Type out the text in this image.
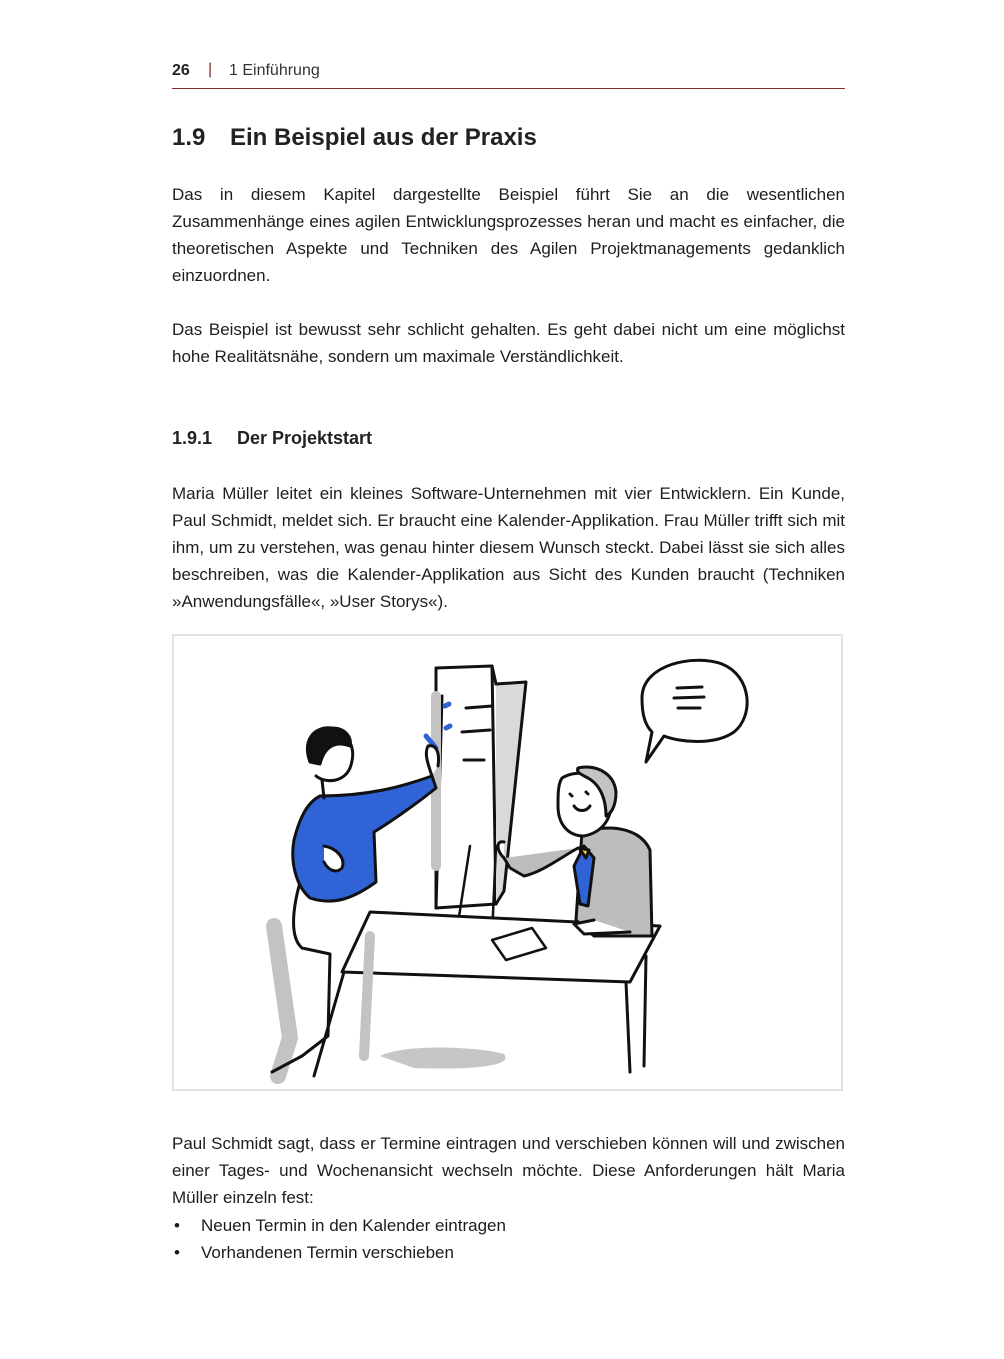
26 | 1 Einführung
1.9 Ein Beispiel aus der Praxis

Das in diesem Kapitel dargestellte Beispiel führt Sie an die wesentlichen Zusammenhänge eines agilen Entwicklungsprozesses heran und macht es einfacher, die theoretischen Aspekte und Techniken des Agilen Projektmanagements gedanklich einzuordnen.

Das Beispiel ist bewusst sehr schlicht gehalten. Es geht dabei nicht um eine möglichst hohe Realitätsnähe, sondern um maximale Verständlichkeit.

1.9.1 Der Projektstart

Maria Müller leitet ein kleines Software-Unternehmen mit vier Entwicklern. Ein Kunde, Paul Schmidt, meldet sich. Er braucht eine Kalender-Applikation. Frau Müller trifft sich mit ihm, um zu verstehen, was genau hinter diesem Wunsch steckt. Dabei lässt sie sich alles beschreiben, was die Kalender-Applikation aus Sicht des Kunden braucht (Techniken »Anwendungsfälle«, »User Storys«).

Paul Schmidt sagt, dass er Termine eintragen und verschieben können will und zwischen einer Tages- und Wochenansicht wechseln möchte. Diese Anforderungen hält Maria Müller einzeln fest:

• Neuen Termin in den Kalender eintragen
• Vorhandenen Termin verschieben
